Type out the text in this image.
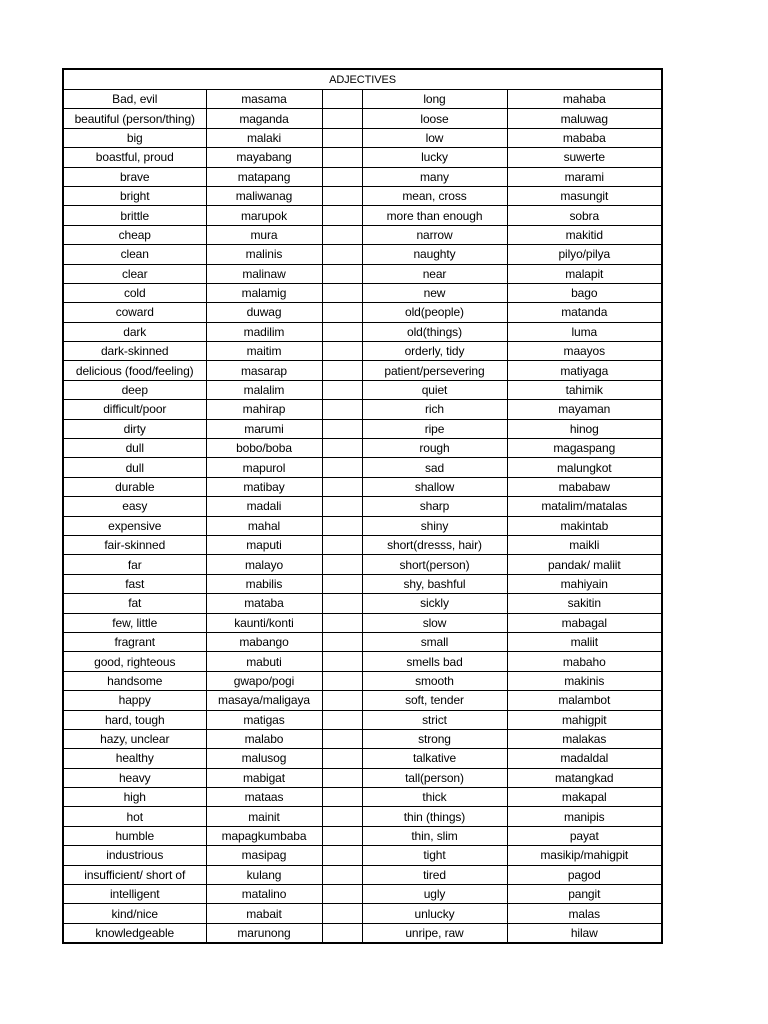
ADJECTIVES				
Bad, evil	masama		long	mahaba
beautiful (person/thing)	maganda		loose	maluwag
big	malaki		low	mababa
boastful, proud	mayabang		lucky	suwerte
brave	matapang		many	marami
bright	maliwanag		mean, cross	masungit
brittle	marupok		more than enough	sobra
cheap	mura		narrow	makitid
clean	malinis		naughty	pilyo/pilya
clear	malinaw		near	malapit
cold	malamig		new	bago
coward	duwag		old(people)	matanda
dark	madilim		old(things)	luma
dark-skinned	maitim		orderly, tidy	maayos
delicious (food/feeling)	masarap		patient/persevering	matiyaga
deep	malalim		quiet	tahimik
difficult/poor	mahirap		rich	mayaman
dirty	marumi		ripe	hinog
dull	bobo/boba		rough	magaspang
dull	mapurol		sad	malungkot
durable	matibay		shallow	mababaw
easy	madali		sharp	matalim/matalas
expensive	mahal		shiny	makintab
fair-skinned	maputi		short(dresss, hair)	maikli
far	malayo		short(person)	pandak/ maliit
fast	mabilis		shy, bashful	mahiyain
fat	mataba		sickly	sakitin
few, little	kaunti/konti		slow	mabagal
fragrant	mabango		small	maliit
good, righteous	mabuti		smells bad	mabaho
handsome	gwapo/pogi		smooth	makinis
happy	masaya/maligaya		soft, tender	malambot
hard, tough	matigas		strict	mahigpit
hazy, unclear	malabo		strong	malakas
healthy	malusog		talkative	madaldal
heavy	mabigat		tall(person)	matangkad
high	mataas		thick	makapal
hot	mainit		thin (things)	manipis
humble	mapagkumbaba		thin, slim	payat
industrious	masipag		tight	masikip/mahigpit
insufficient/ short of	kulang		tired	pagod
intelligent	matalino		ugly	pangit
kind/nice	mabait		unlucky	malas
knowledgeable	marunong		unripe, raw	hilaw
